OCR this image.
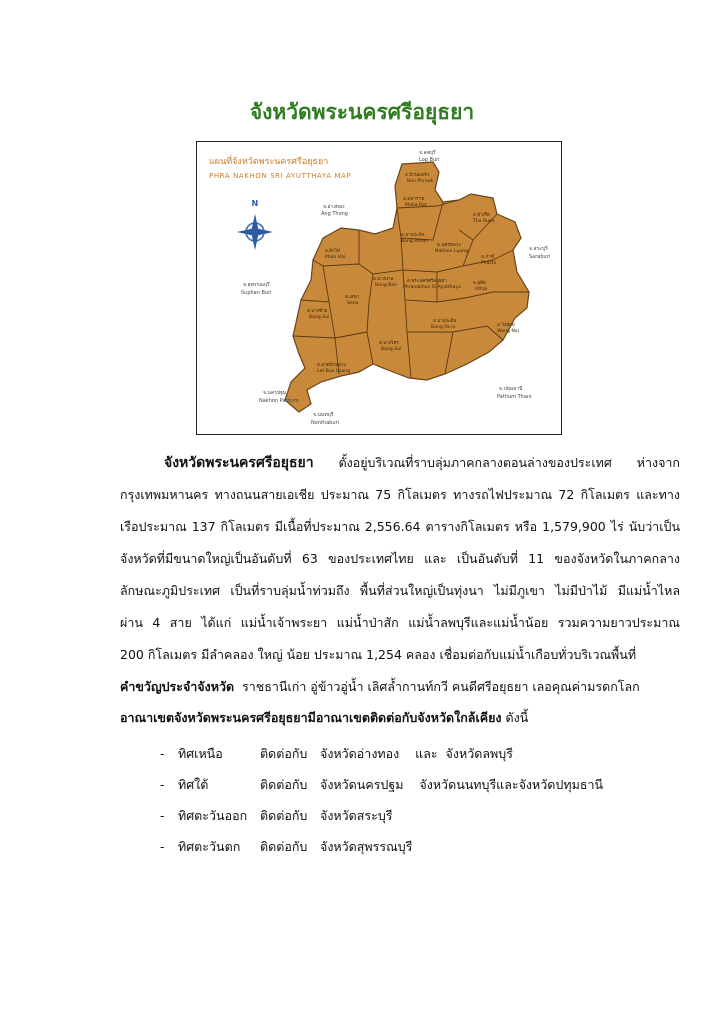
จังหวัดพระนครศรีอยุธยา
แผนที่จังหวัดพระนครศรีอยุธยา
PHRA NAKHON SRI AYUTTHAYA MAP
N
จ.ลพบุรี
Lop Buri
จ.อ่างทอง
Ang Thong
จ.สระบุรี
Saraburi
จ.สุพรรณบุรี
Suphan Buri
จ.นครปฐม
Nakhon Pathom
จ.นนทบุรี
Nonthaburi
จ.ปทุมธานี
Pathum Thani
อ.บ้านแพรก
Ban Phraek
อ.มหาราช
Maha Rat
อ.ท่าเรือ
Tha Ruea
อ.บางปะหัน
Bang Pahan
อ.นครหลวง
Nakhon Luang
อ.ผักไห่
Phak Hai	อ.ภาชี
Phachi
อ.บางบาล
Bang Ban
อ.พระนครศรีอยุธยา
Phranakhon Si Ayutthaya
อ.อุทัย
Uthai
อ.เสนา
Sena
อ.บางซ้าย
Bang Sai
อ.บางปะอิน
Bang Pa-in	อ.วังน้อย
Wang Noi
อ.บางไทร
Bang Sai
อ.ลาดบัวหลวง
Lat Bua Luang
จังหวัดพระนครศรีอยุธยา ตั้งอยู่บริเวณที่ราบลุ่มภาคกลางตอนล่างของประเทศ ห่างจาก
กรุงเทพมหานคร ทางถนนสายเอเชีย ประมาณ 75 กิโลเมตร ทางรถไฟประมาณ 72 กิโลเมตร และทาง
เรือประมาณ 137 กิโลเมตร มีเนื้อที่ประมาณ 2,556.64 ตารางกิโลเมตร หรือ 1,579,900 ไร่ นับว่าเป็น
จังหวัดที่มีขนาดใหญ่เป็นอันดับที่ 63 ของประเทศไทย และ เป็นอันดับที่ 11 ของจังหวัดในภาคกลาง
ลักษณะภูมิประเทศ เป็นที่ราบลุ่มน้ำท่วมถึง พื้นที่ส่วนใหญ่เป็นทุ่งนา ไม่มีภูเขา ไม่มีป่าไม้ มีแม่น้ำไหล
ผ่าน 4 สาย ได้แก่ แม่น้ำเจ้าพระยา แม่น้ำป่าสัก แม่น้ำลพบุรีและแม่น้ำน้อย รวมความยาวประมาณ
200 กิโลเมตร มีลำคลอง ใหญ่ น้อย ประมาณ 1,254 คลอง เชื่อมต่อกับแม่น้ำเกือบทั่วบริเวณพื้นที่
คำขวัญประจำจังหวัด ราชธานีเก่า อู่ข้าวอู่น้ำ เลิศล้ำกานท์กวี คนดีศรีอยุธยา เลอคุณค่ามรดกโลก
อาณาเขตจังหวัดพระนครศรีอยุธยามีอาณาเขตติดต่อกับจังหวัดใกล้เคียง ดังนี้
- ทิศเหนือ	ติดต่อกับ จังหวัดอ่างทอง    และ  จังหวัดลพบุรี
- ทิศใต้	ติดต่อกับ จังหวัดนครปฐม    จังหวัดนนทบุรีและจังหวัดปทุมธานี
- ทิศตะวันออก ติดต่อกับ จังหวัดสระบุรี
- ทิศตะวันตก ติดต่อกับ จังหวัดสุพรรณบุรี
